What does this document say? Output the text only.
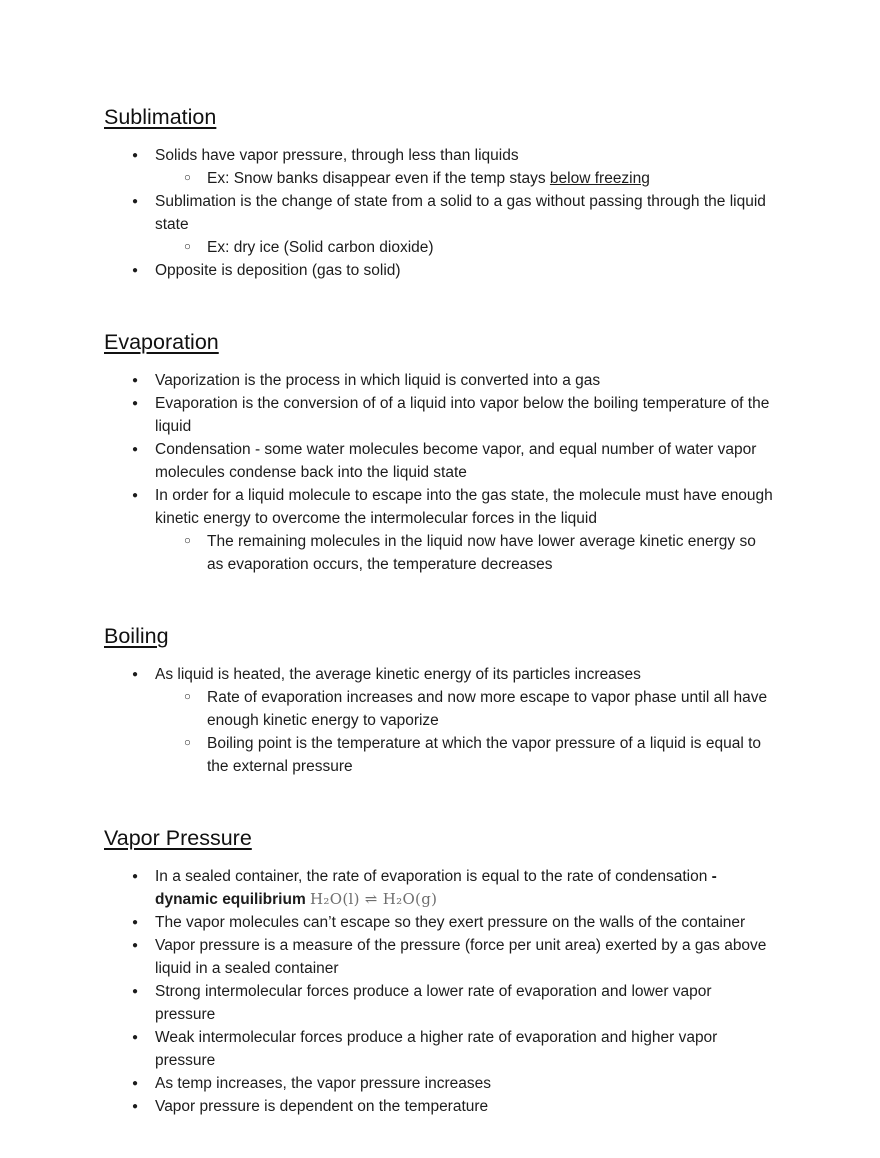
Sublimation
●	Solids have vapor pressure, through less than liquids
○	Ex: Snow banks disappear even if the temp stays below freezing
●	Sublimation is the change of state from a solid to a gas without passing through the liquid state
○	Ex: dry ice (Solid carbon dioxide)
●	Opposite is deposition (gas to solid)
Evaporation
●	Vaporization is the process in which liquid is converted into a gas
●	Evaporation is the conversion of of a liquid into vapor below the boiling temperature of the liquid
●	Condensation - some water molecules become vapor, and equal number of water vapor molecules condense back into the liquid state
●	In order for a liquid molecule to escape into the gas state, the molecule must have enough kinetic energy to overcome the intermolecular forces in the liquid
○	The remaining molecules in the liquid now have lower average kinetic energy so as evaporation occurs, the temperature decreases
Boiling
●	As liquid is heated, the average kinetic energy of its particles increases
○	Rate of evaporation increases and now more escape to vapor phase until all have enough kinetic energy to vaporize
○	Boiling point is the temperature at which the vapor pressure of a liquid is equal to the external pressure
Vapor Pressure
●	In a sealed container, the rate of evaporation is equal to the rate of condensation - dynamic equilibrium H₂O(l) ⇌ H₂O(g)
●	The vapor molecules can’t escape so they exert pressure on the walls of the container
●	Vapor pressure is a measure of the pressure (force per unit area) exerted by a gas above liquid in a sealed container
●	Strong intermolecular forces produce a lower rate of evaporation and lower vapor pressure
●	Weak intermolecular forces produce a higher rate of evaporation and higher vapor pressure
●	As temp increases, the vapor pressure increases
●	Vapor pressure is dependent on the temperature
